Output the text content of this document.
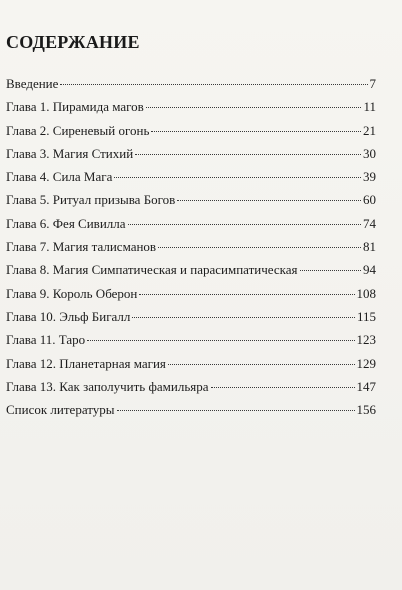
СОДЕРЖАНИЕ
Введение	7
Глава 1. Пирамида магов	11
Глава 2. Сиреневый огонь	21
Глава 3. Магия Стихий	30
Глава 4. Сила Мага	39
Глава 5. Ритуал призыва Богов	60
Глава 6. Фея Сивилла	74
Глава 7. Магия талисманов	81
Глава 8. Магия Симпатическая и парасимпатическая	94
Глава 9. Король Оберон	108
Глава 10. Эльф Бигалл	115
Глава 11. Таро	123
Глава 12. Планетарная магия	129
Глава 13. Как заполучить фамильяра	147
Список литературы	156
